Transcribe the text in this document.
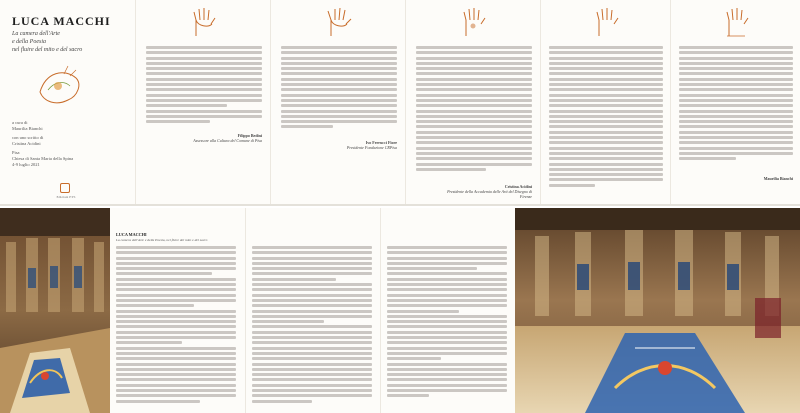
LUCA MACCHI
La camera dell'Arte
e della Poesia
nel fluire del mito e del sacro
a cura di
Maurilia Bianchi
con uno scritto di
Cristina Acidini
Pisa
Chiesa di Santa Maria della Spina
4-9 luglio 2021
Edizioni ETS
Filippo Bedini
Assessore alla Cultura del Comune di Pisa	Ivo Ferrucci Fiore
Presidente Fondazione CRPisa
Cristina Acidini
Presidente della Accademia delle Arti del Disegno di Firenze
Maurilia Bianchi
LUCA MACCHI
La camera dell'Arte e della Poesia, nel fluire del mito e del sacro
